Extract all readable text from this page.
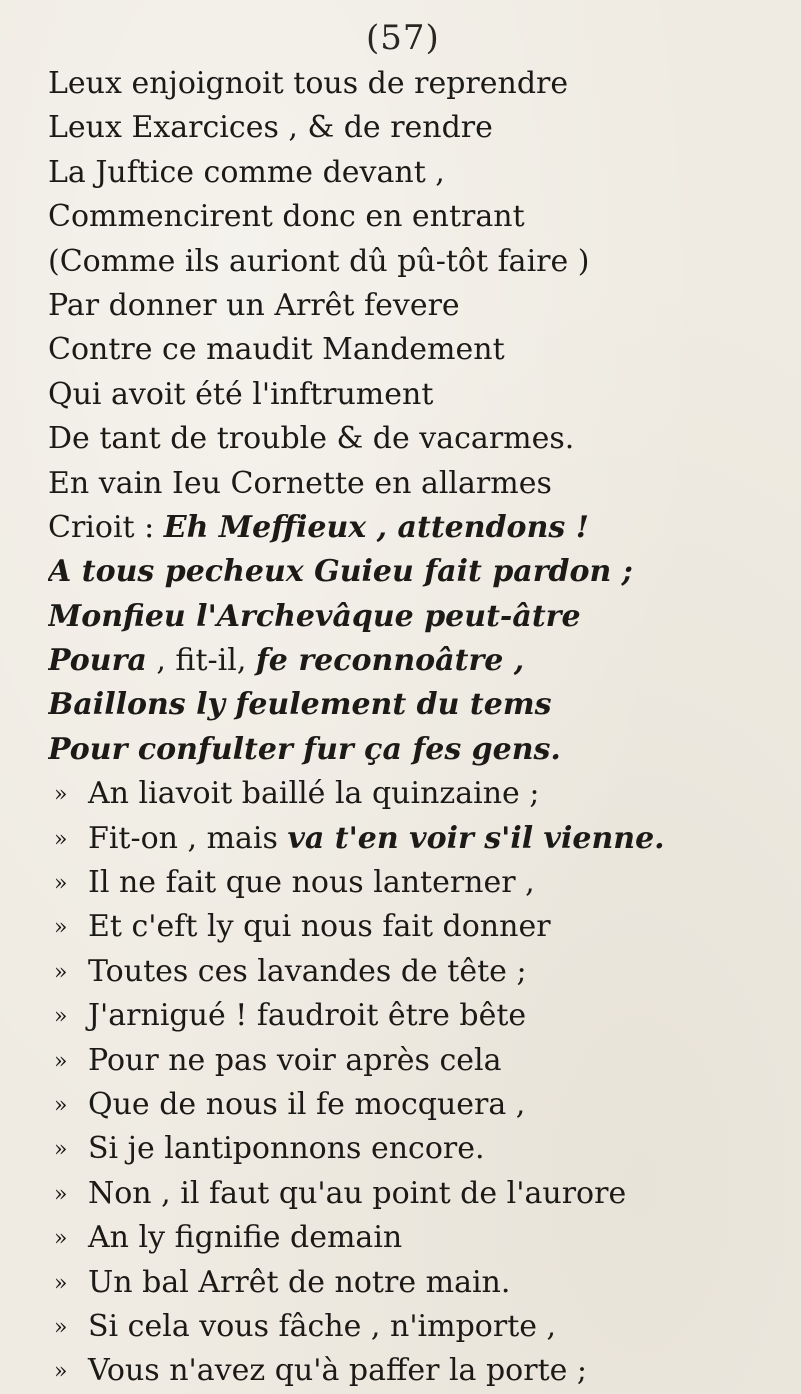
(57)
Leux enjoignoit tous de reprendre
Leux Exarcices , & de rendre
La Juftice comme devant ,
Commencirent donc en entrant
(Comme ils auriont dû pû-tôt faire )
Par donner un Arrêt fevere
Contre ce maudit Mandement
Qui avoit été l'inftrument
De tant de trouble & de vacarmes.
En vain Ieu Cornette en allarmes
Crioit : Eh Meffieux , attendons !
A tous pecheux Guieu fait pardon ;
Monfieu l'Archevâque peut-âtre
Poura , fit-il, fe reconnoâtre ,
Baillons ly feulement du tems
Pour confulter fur ça fes gens.
» An liavoit baillé la quinzaine ;
» Fit-on , mais va t'en voir s'il vienne.
» Il ne fait que nous lanterner ,
» Et c'eft ly qui nous fait donner
» Toutes ces lavandes de tête ;
» J'arnigué ! faudroit être bête
» Pour ne pas voir après cela
» Que de nous il fe mocquera ,
» Si je lantiponnons encore.
» Non , il faut qu'au point de l'aurore
» An ly fignifie demain
» Un bal Arrêt de notre main.
» Si cela vous fâche , n'importe ,
» Vous n'avez qu'à paffer la porte ;
